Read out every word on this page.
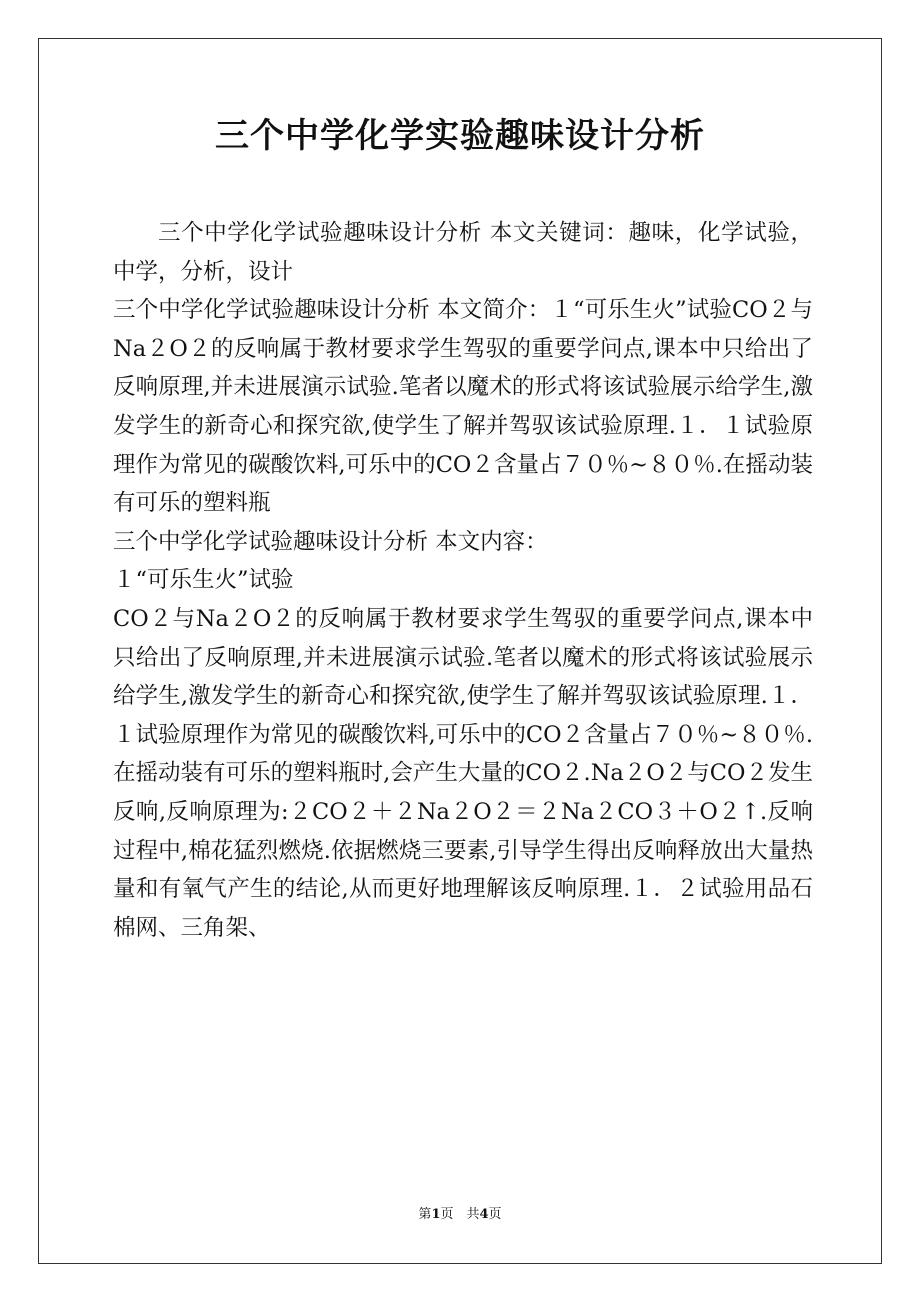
三个中学化学实验趣味设计分析

三个中学化学试验趣味设计分析 本文关键词：趣味，化学试验，中学，分析，设计

三个中学化学试验趣味设计分析 本文简介：１“可乐生火”试验CO２与Na２O２的反响属于教材要求学生驾驭的重要学问点,课本中只给出了反响原理,并未进展演示试验.笔者以魔术的形式将该试验展示给学生,激发学生的新奇心和探究欲,使学生了解并驾驭该试验原理.１．１试验原理作为常见的碳酸饮料,可乐中的CO２含量占７０％~８０％.在摇动装有可乐的塑料瓶

三个中学化学试验趣味设计分析 本文内容：

１“可乐生火”试验

CO２与Na２O２的反响属于教材要求学生驾驭的重要学问点,课本中只给出了反响原理,并未进展演示试验.笔者以魔术的形式将该试验展示给学生,激发学生的新奇心和探究欲,使学生了解并驾驭该试验原理.１．１试验原理作为常见的碳酸饮料,可乐中的CO２含量占７０％~８０％.在摇动装有可乐的塑料瓶时,会产生大量的CO２.Na２O２与CO２发生反响,反响原理为:２CO２＋２Na２O２＝２Na２CO３＋O２↑.反响过程中,棉花猛烈燃烧.依据燃烧三要素,引导学生得出反响释放出大量热量和有氧气产生的结论,从而更好地理解该反响原理.１．２试验用品石棉网、三角架、

第1页　共4页
